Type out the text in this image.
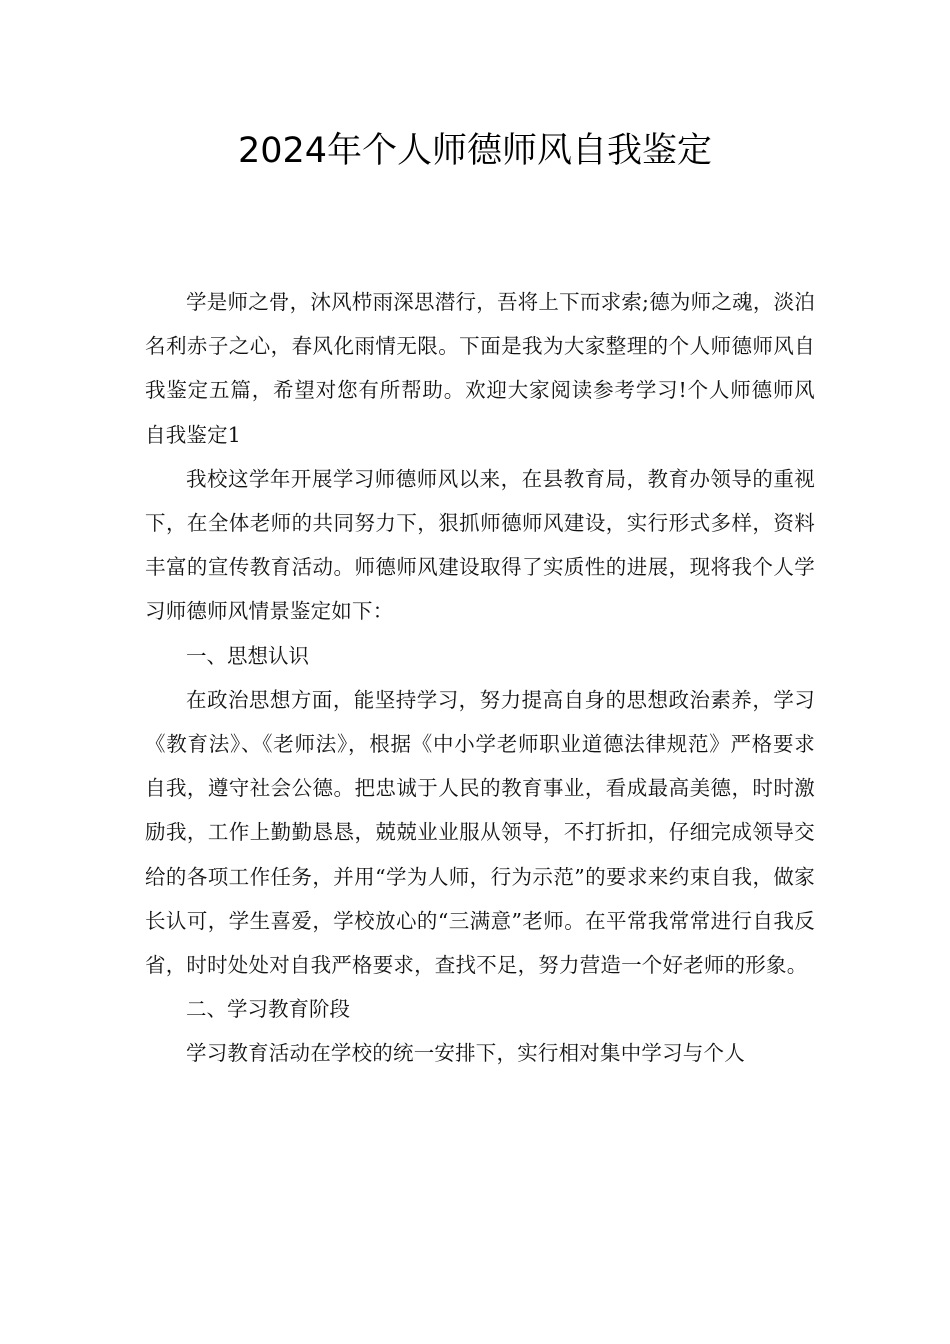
2024年个人师德师风自我鉴定

学是师之骨，沐风栉雨深思潜行，吾将上下而求索;德为师之魂，淡泊名利赤子之心，春风化雨情无限。下面是我为大家整理的个人师德师风自我鉴定五篇，希望对您有所帮助。欢迎大家阅读参考学习!个人师德师风自我鉴定1

我校这学年开展学习师德师风以来，在县教育局，教育办领导的重视下，在全体老师的共同努力下，狠抓师德师风建设，实行形式多样，资料丰富的宣传教育活动。师德师风建设取得了实质性的进展，现将我个人学习师德师风情景鉴定如下：

一、思想认识

在政治思想方面，能坚持学习，努力提高自身的思想政治素养，学习《教育法》、《老师法》，根据《中小学老师职业道德法律规范》严格要求自我，遵守社会公德。把忠诚于人民的教育事业，看成最高美德，时时激励我，工作上勤勤恳恳，兢兢业业服从领导，不打折扣，仔细完成领导交给的各项工作任务，并用“学为人师，行为示范”的要求来约束自我，做家长认可，学生喜爱，学校放心的“三满意”老师。在平常我常常进行自我反省，时时处处对自我严格要求，查找不足，努力营造一个好老师的形象。

二、学习教育阶段

学习教育活动在学校的统一安排下，实行相对集中学习与个人
